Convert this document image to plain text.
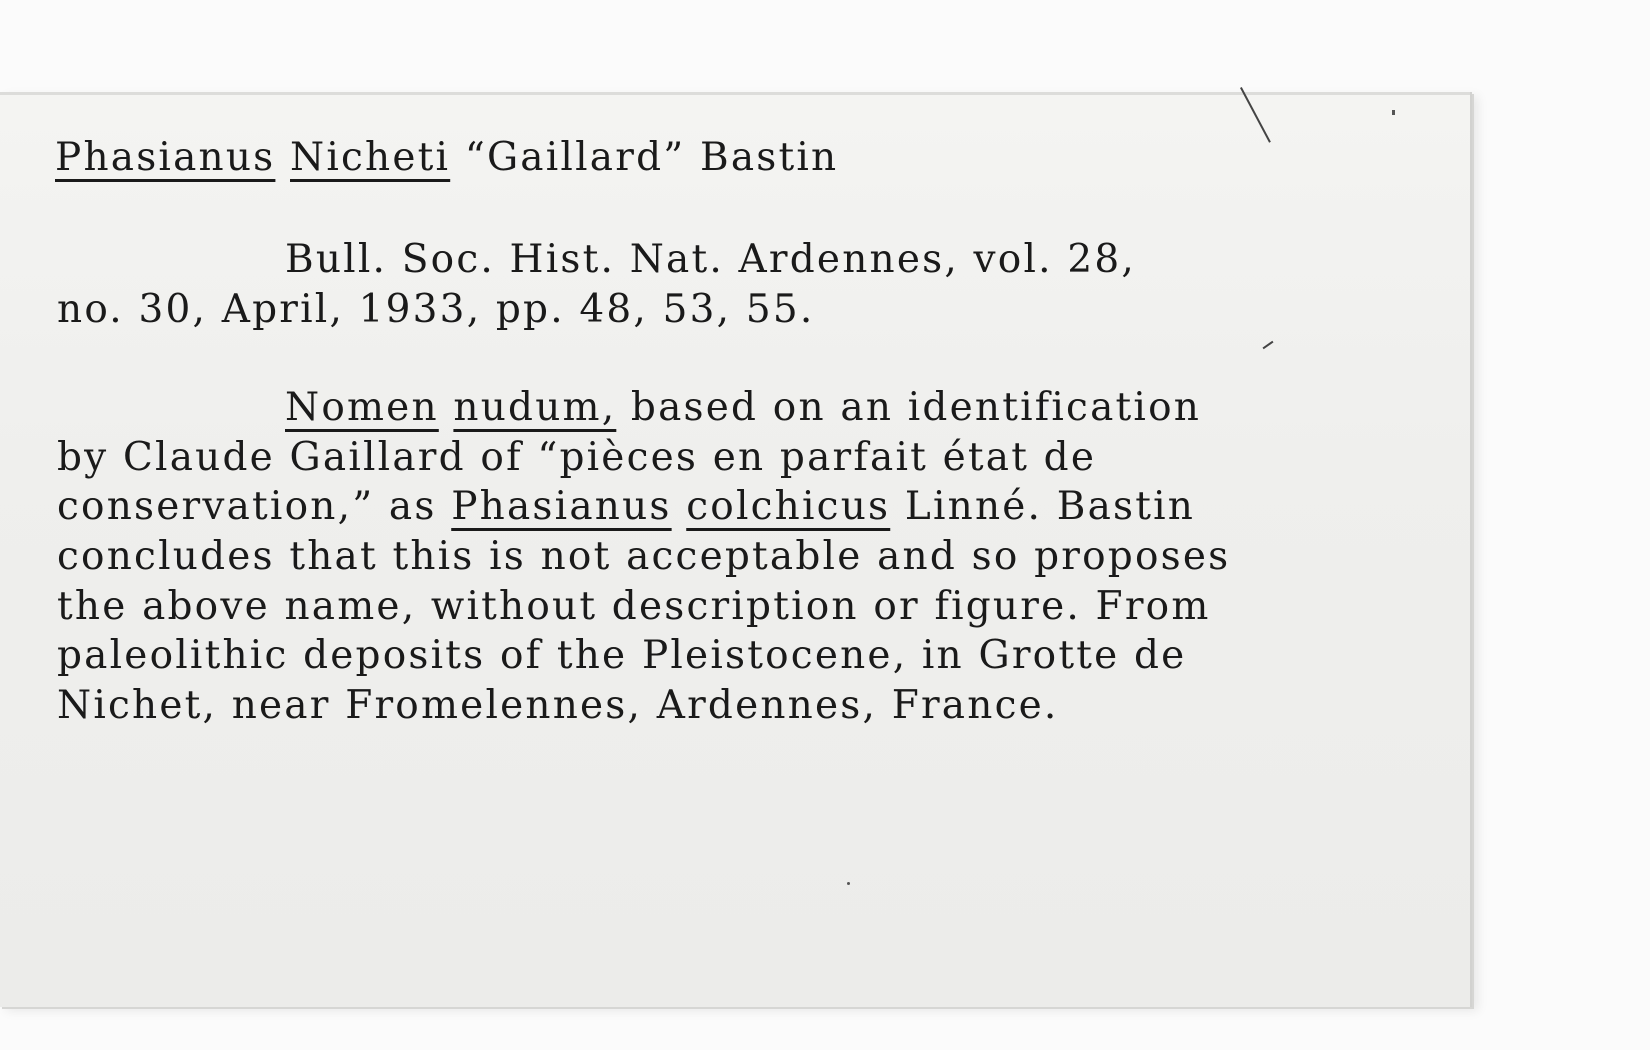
Phasianus Nicheti “Gaillard” Bastin
Bull. Soc. Hist. Nat. Ardennes, vol. 28,
no. 30, April, 1933, pp. 48, 53, 55.
Nomen nudum, based on an identification
by Claude Gaillard of “pièces en parfait état de
conservation,” as Phasianus colchicus Linné. Bastin
concludes that this is not acceptable and so proposes
the above name, without description or figure. From
paleolithic deposits of the Pleistocene, in Grotte de
Nichet, near Fromelennes, Ardennes, France.
